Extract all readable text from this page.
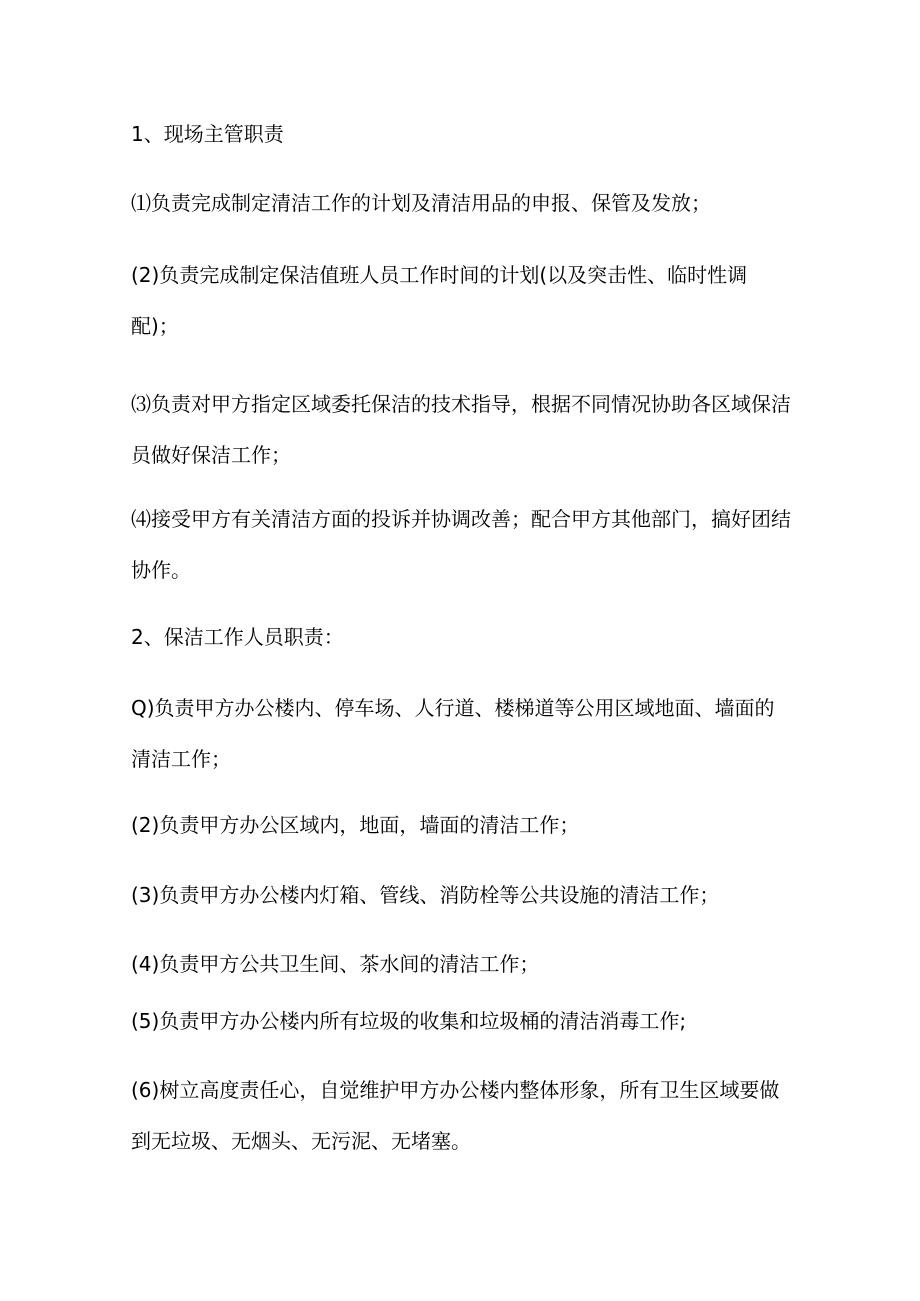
1、现场主管职责

⑴负责完成制定清洁工作的计划及清洁用品的申报、保管及发放；

(2)负责完成制定保洁值班人员工作时间的计划(以及突击性、临时性调配)；

⑶负责对甲方指定区域委托保洁的技术指导，根据不同情况协助各区域保洁员做好保洁工作；

⑷接受甲方有关清洁方面的投诉并协调改善；配合甲方其他部门，搞好团结协作。

2、保洁工作人员职责：

Q)负责甲方办公楼内、停车场、人行道、楼梯道等公用区域地面、墙面的清洁工作；

(2)负责甲方办公区域内，地面，墙面的清洁工作；

(3)负责甲方办公楼内灯箱、管线、消防栓等公共设施的清洁工作；

(4)负责甲方公共卫生间、茶水间的清洁工作；

(5)负责甲方办公楼内所有垃圾的收集和垃圾桶的清洁消毒工作;

(6)树立高度责任心，自觉维护甲方办公楼内整体形象，所有卫生区域要做到无垃圾、无烟头、无污泥、无堵塞。
